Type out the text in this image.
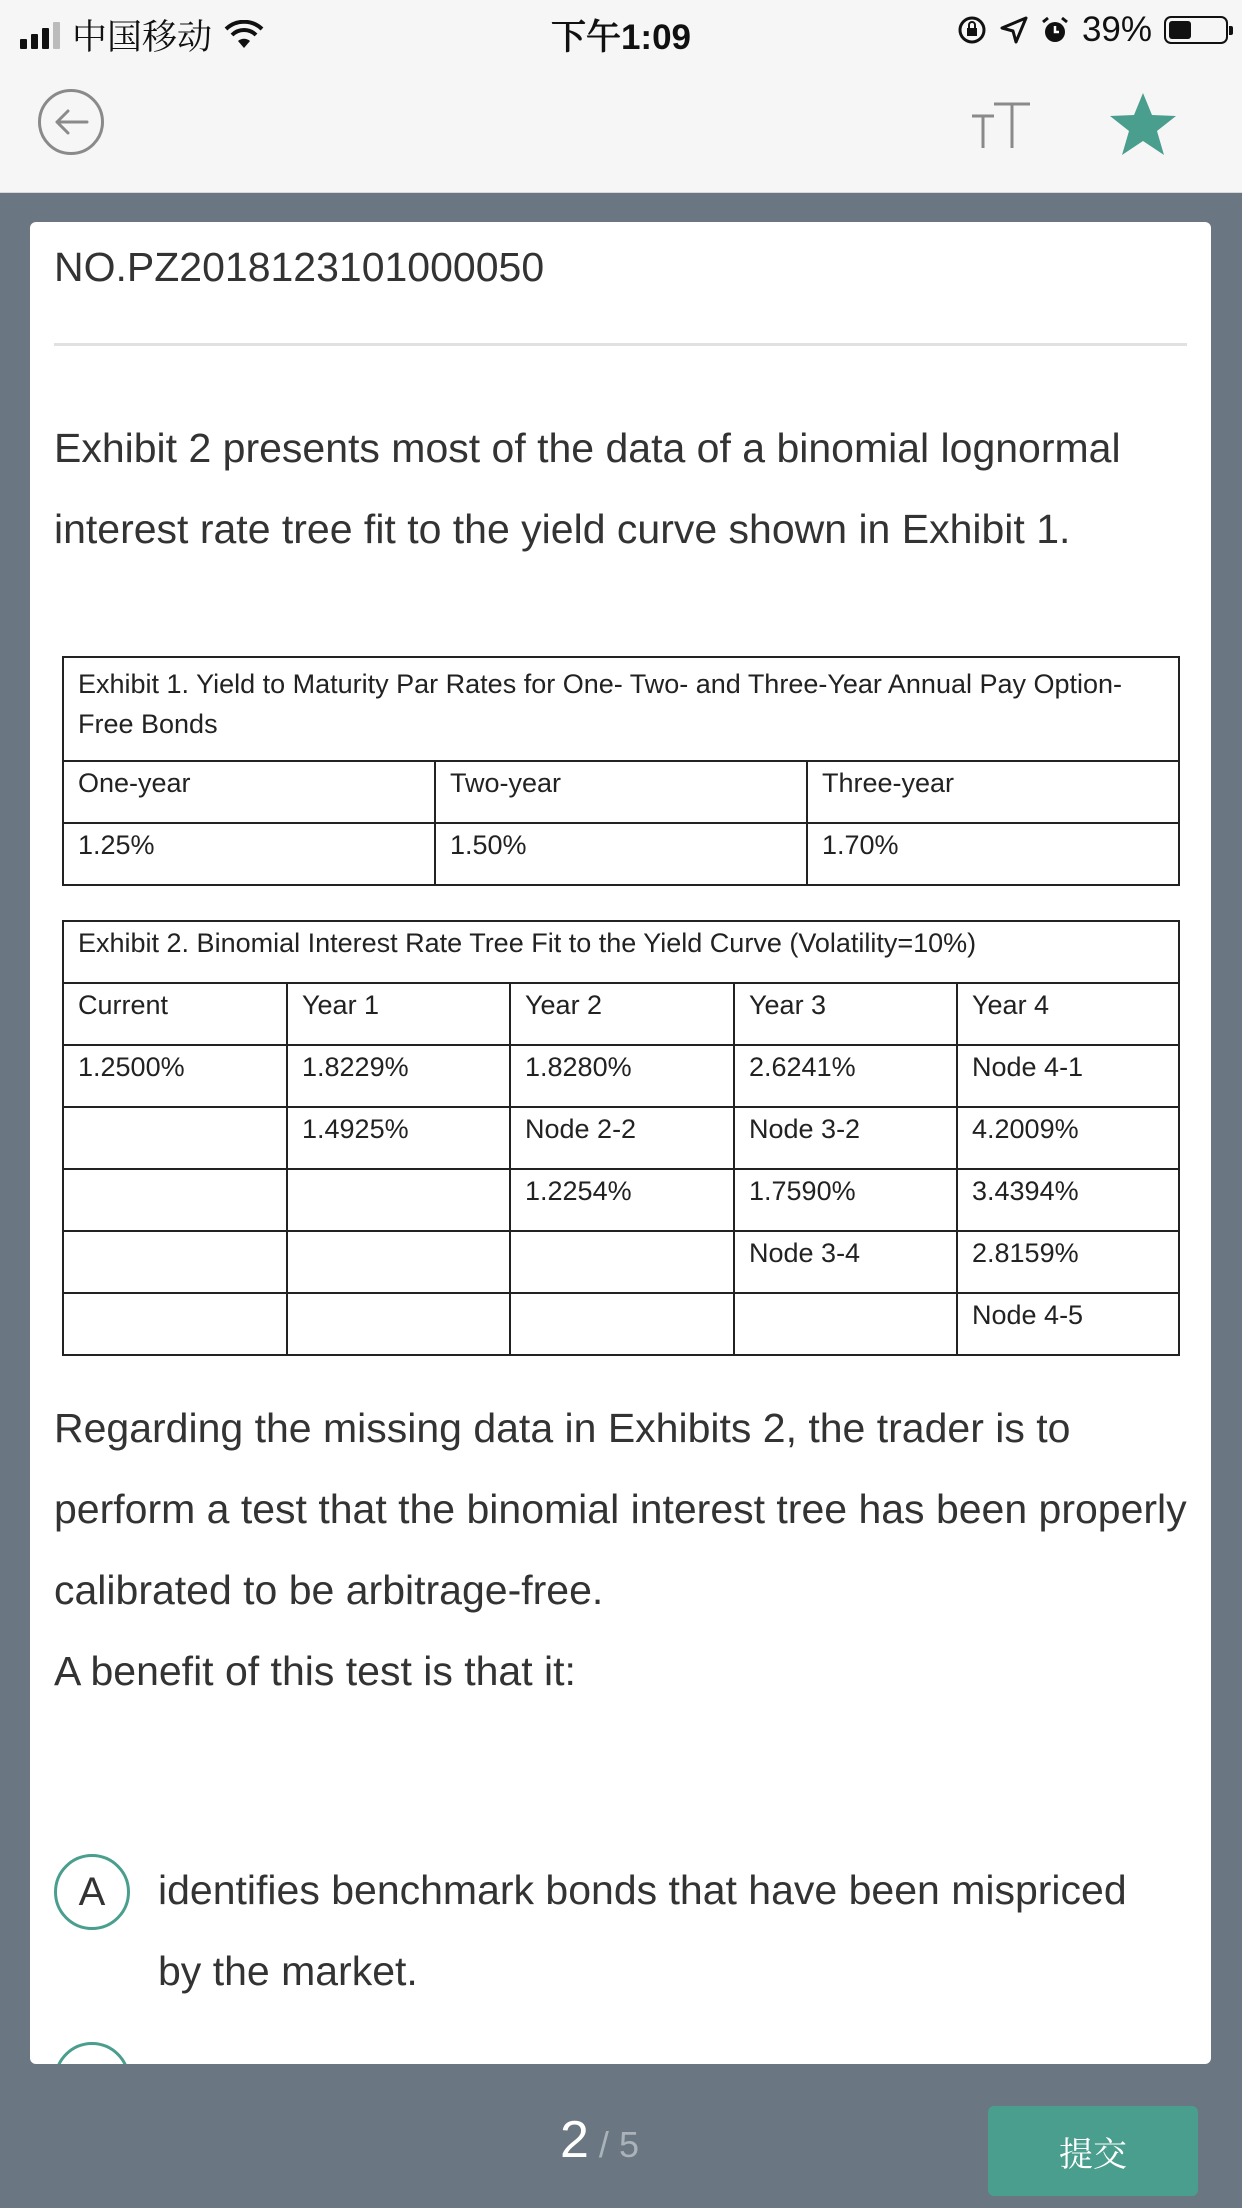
中国移动	下午1:09	39%
NO.PZ2018123101000050

Exhibit 2 presents most of the data of a binomial lognormal interest rate tree fit to the yield curve shown in Exhibit 1.

Exhibit 1. Yield to Maturity Par Rates for One- Two- and Three-Year Annual Pay Option-Free Bonds		
One-year	Two-year	Three-year
1.25%	1.50%	1.70%
Exhibit 2. Binomial Interest Rate Tree Fit to the Yield Curve (Volatility=10%)				
Current	Year 1	Year 2	Year 3	Year 4
1.2500%	1.8229%	1.8280%	2.6241%	Node 4-1
	1.4925%	Node 2-2	Node 3-2	4.2009%
		1.2254%	1.7590%	3.4394%
			Node 3-4	2.8159%
				Node 4-5

Regarding the missing data in Exhibits 2, the trader is to perform a test that the binomial interest tree has been properly calibrated to be arbitrage-free.

A benefit of this test is that it:

A	identifies benchmark bonds that have been mispriced by the market.

2 / 5	提交
